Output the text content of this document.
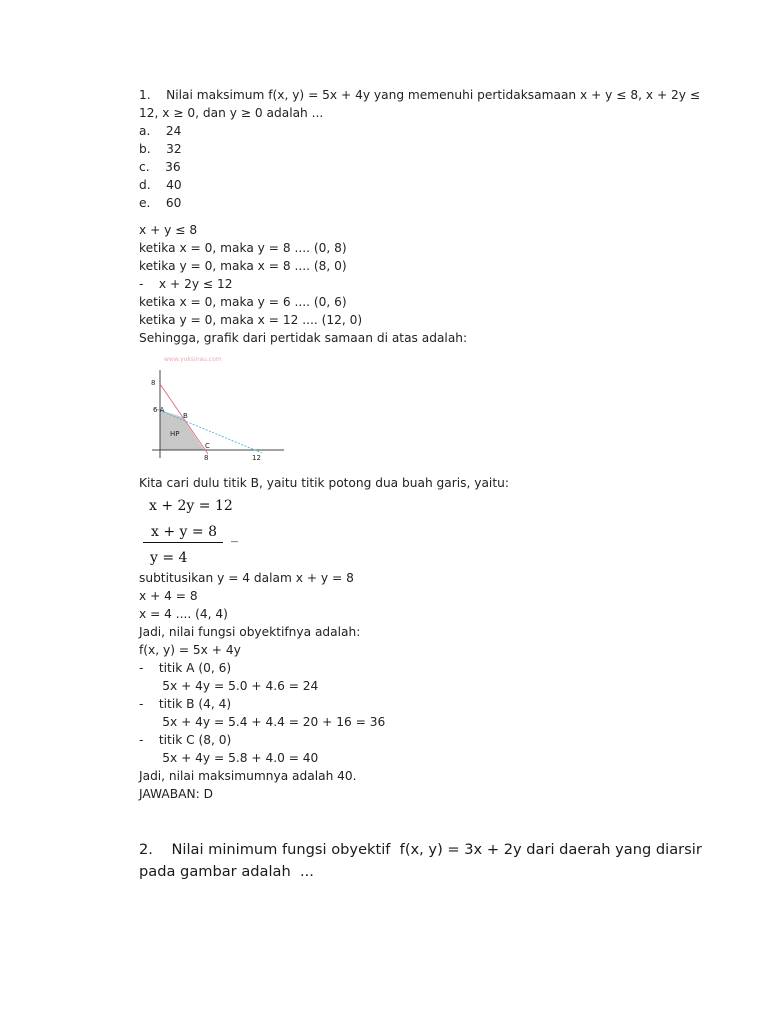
1.    Nilai maksimum f(x, y) = 5x + 4y yang memenuhi pertidaksamaan x + y ≤ 8, x + 2y ≤
12, x ≥ 0, dan y ≥ 0 adalah ...
a.    24
b.    32
c.    36
d.    40
e.    60
x + y ≤ 8
ketika x = 0, maka y = 8 .... (0, 8)
ketika y = 0, maka x = 8 .... (8, 0)
-    x + 2y ≤ 12
ketika x = 0, maka y = 6 .... (0, 6)
ketika y = 0, maka x = 12 .... (12, 0)
Sehingga, grafik dari pertidak samaan di atas adalah:
www.yuksinau.com
8
6 A
B
HP
C
8	12
Kita cari dulu titik B, yaitu titik potong dua buah garis, yaitu:
x + 2y = 12
x + y = 8 _
y = 4
subtitusikan y = 4 dalam x + y = 8
x + 4 = 8
x = 4 .... (4, 4)
Jadi, nilai fungsi obyektifnya adalah:
f(x, y) = 5x + 4y
-    titik A (0, 6)
5x + 4y = 5.0 + 4.6 = 24
-    titik B (4, 4)
5x + 4y = 5.4 + 4.4 = 20 + 16 = 36
-    titik C (8, 0)
5x + 4y = 5.8 + 4.0 = 40
Jadi, nilai maksimumnya adalah 40.
JAWABAN: D
2.    Nilai minimum fungsi obyektif  f(x, y) = 3x + 2y dari daerah yang diarsir
pada gambar adalah  ...
